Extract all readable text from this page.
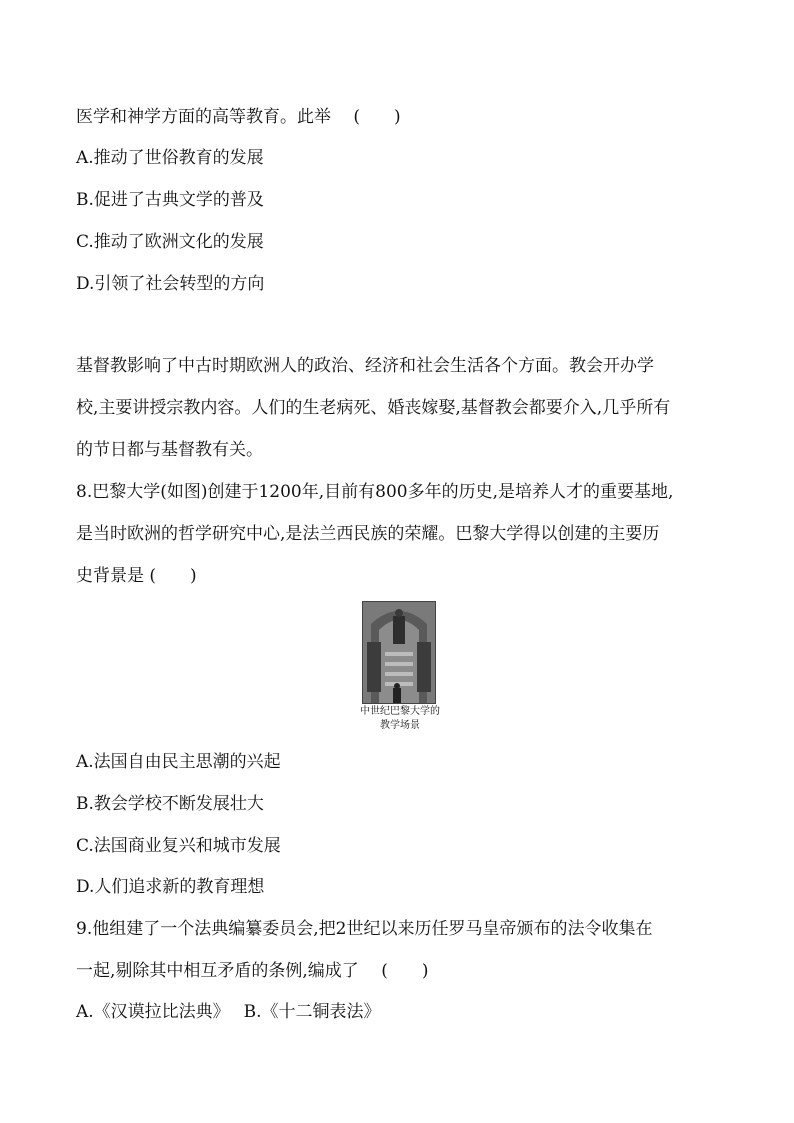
医学和神学方面的高等教育。此举　 (　　)
A.推动了世俗教育的发展
B.促进了古典文学的普及
C.推动了欧洲文化的发展
D.引领了社会转型的方向
基督教影响了中古时期欧洲人的政治、经济和社会生活各个方面。教会开办学
校,主要讲授宗教内容。人们的生老病死、婚丧嫁娶,基督教会都要介入,几乎所有
的节日都与基督教有关。
8.巴黎大学(如图)创建于1200年,目前有800多年的历史,是培养人才的重要基地,
是当时欧洲的哲学研究中心,是法兰西民族的荣耀。巴黎大学得以创建的主要历
史背景是 (　　)
中世纪巴黎大学的
教学场景
A.法国自由民主思潮的兴起
B.教会学校不断发展壮大
C.法国商业复兴和城市发展
D.人们追求新的教育理想
9.他组建了一个法典编纂委员会,把2世纪以来历任罗马皇帝颁布的法令收集在
一起,剔除其中相互矛盾的条例,编成了　 (　　)
A.《汉谟拉比法典》　 B.《十二铜表法》
